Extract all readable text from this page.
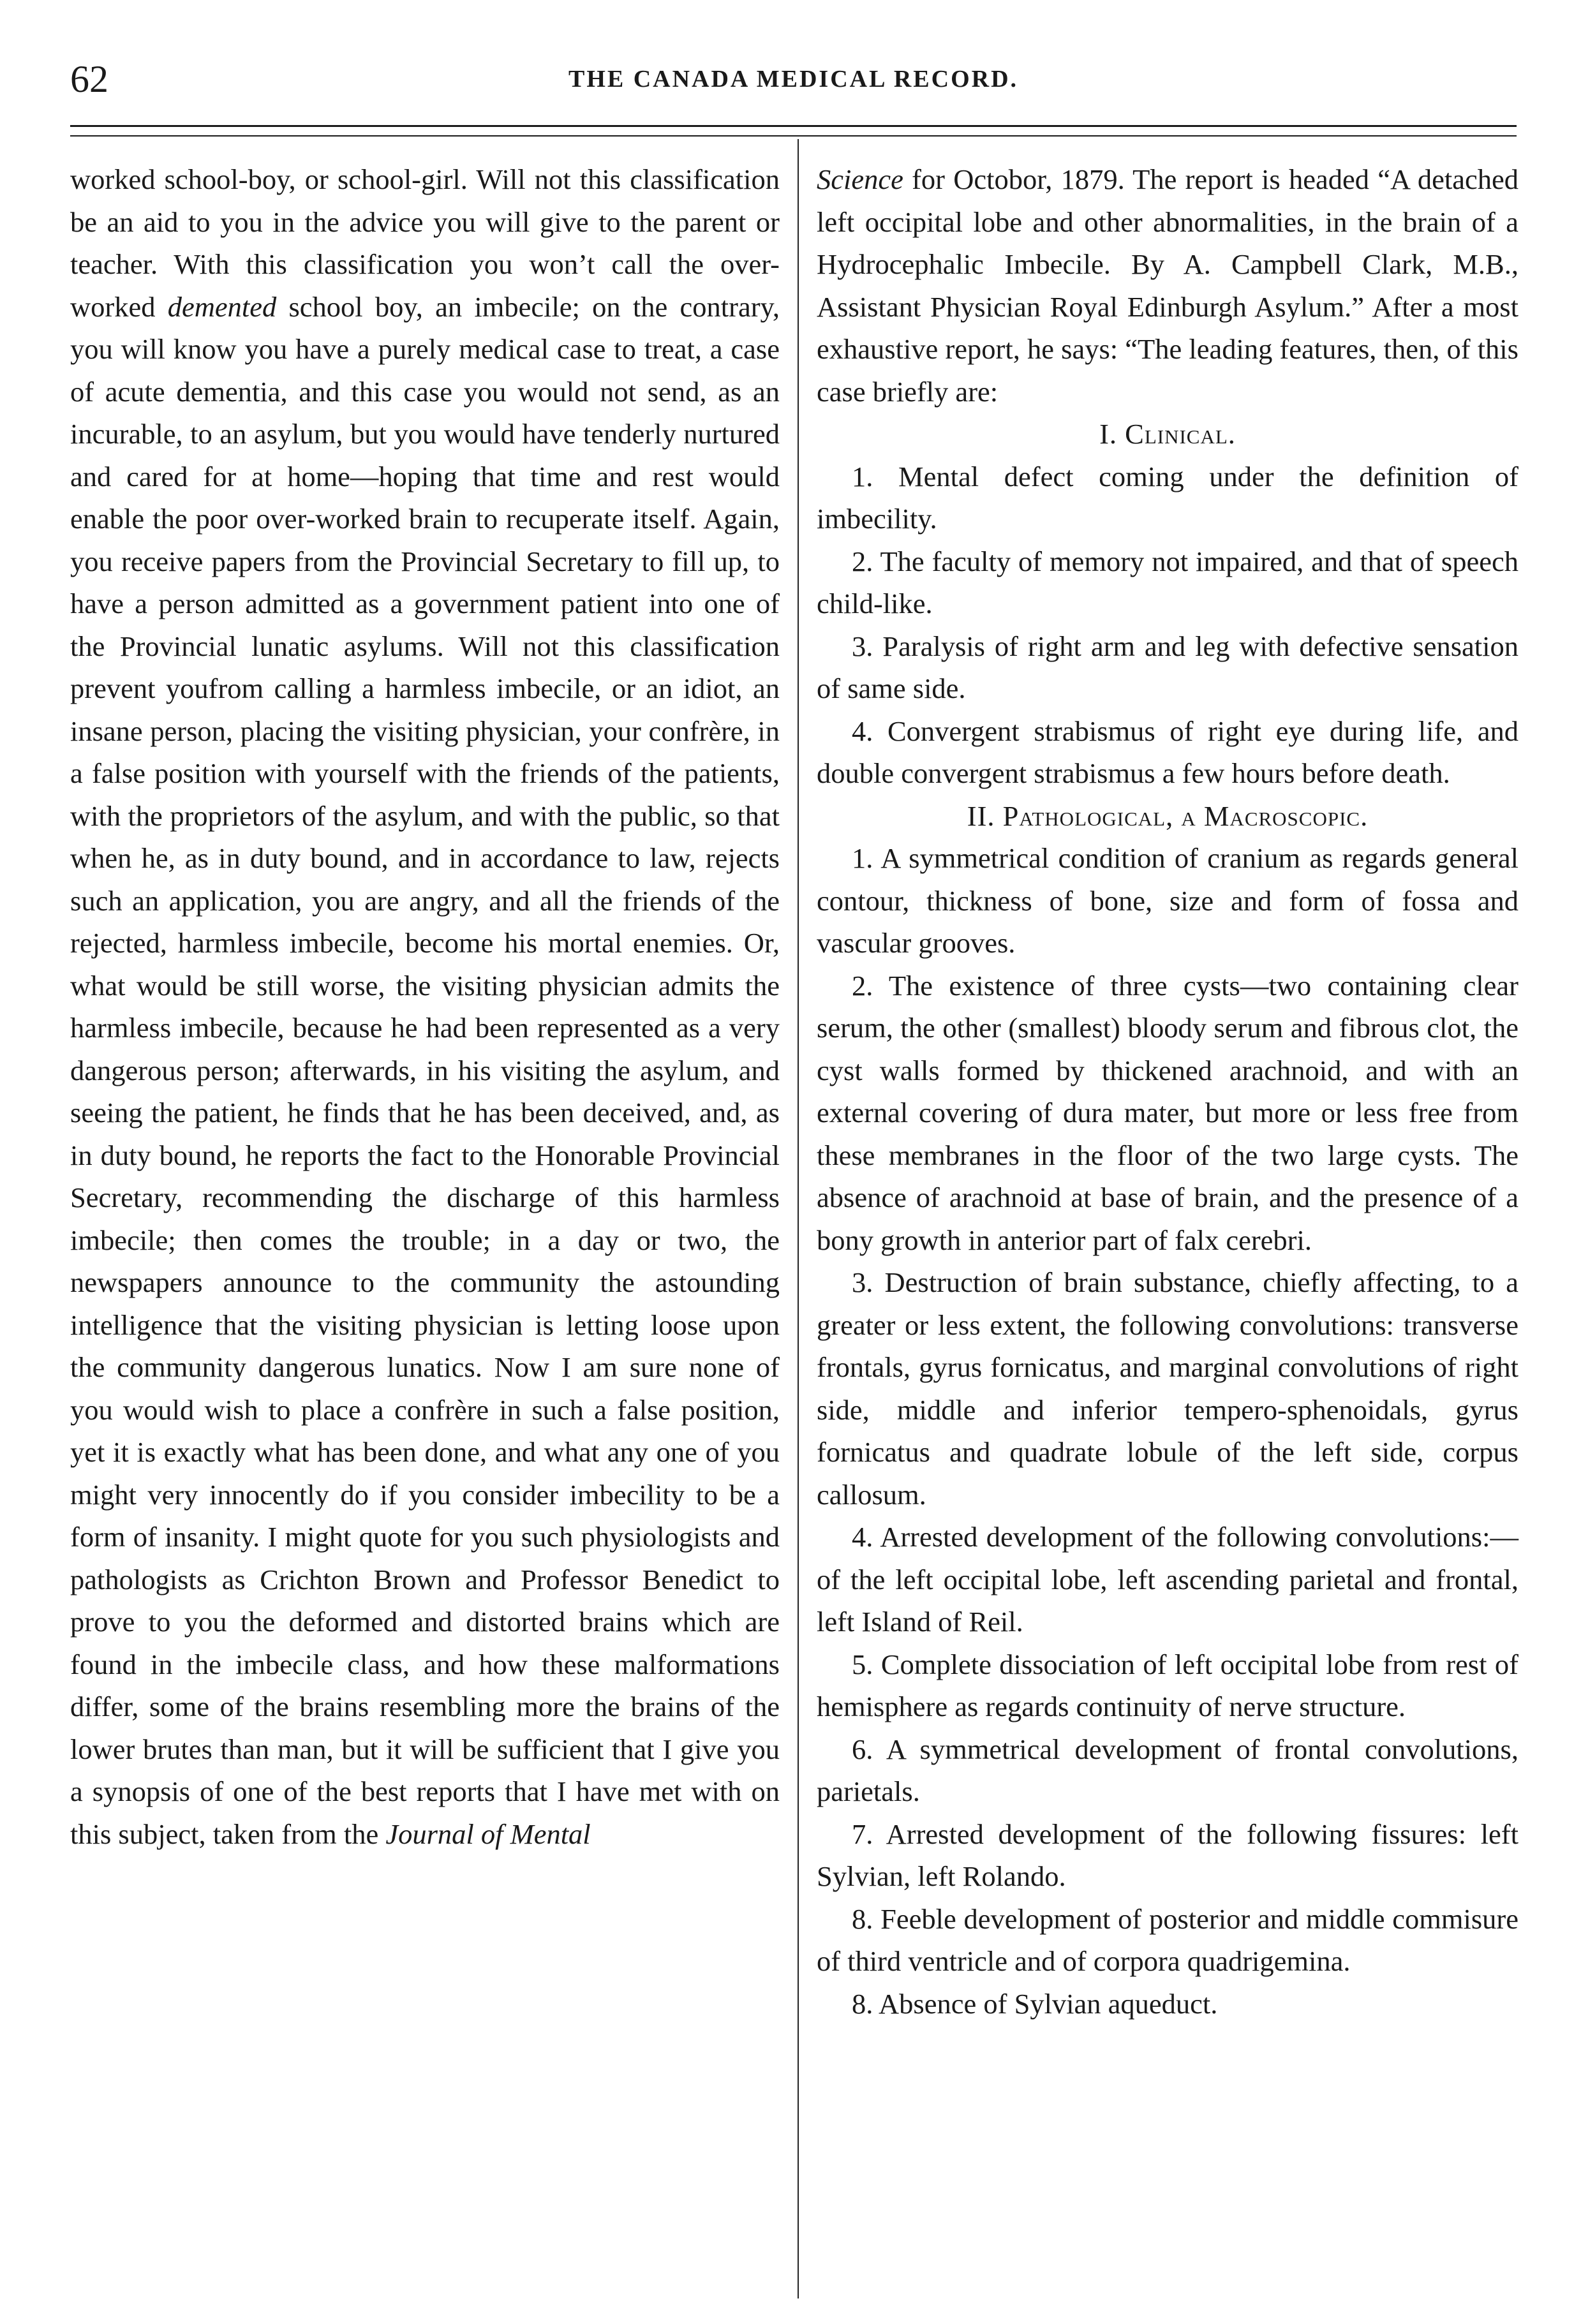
62	THE CANADA MEDICAL RECORD.

worked school-boy, or school-girl. Will not this classification be an aid to you in the advice you will give to the parent or teacher. With this classification you won’t call the over-worked demented school boy, an imbecile; on the contrary, you will know you have a purely medical case to treat, a case of acute dementia, and this case you would not send, as an incurable, to an asylum, but you would have tenderly nurtured and cared for at home—hoping that time and rest would enable the poor over-worked brain to recuperate itself. Again, you receive papers from the Provincial Secretary to fill up, to have a person admitted as a government patient into one of the Provincial lunatic asylums. Will not this classification prevent youfrom calling a harmless imbecile, or an idiot, an insane person, placing the visiting physician, your confrère, in a false position with yourself with the friends of the patients, with the proprietors of the asylum, and with the public, so that when he, as in duty bound, and in accordance to law, rejects such an application, you are angry, and all the friends of the rejected, harmless imbecile, become his mortal enemies. Or, what would be still worse, the visiting physician admits the harmless imbecile, because he had been represented as a very dangerous person; afterwards, in his visiting the asylum, and seeing the patient, he finds that he has been deceived, and, as in duty bound, he reports the fact to the Honorable Provincial Secretary, recommending the discharge of this harmless imbecile; then comes the trouble; in a day or two, the newspapers announce to the community the astounding intelligence that the visiting physician is letting loose upon the community dangerous lunatics. Now I am sure none of you would wish to place a confrère in such a false position, yet it is exactly what has been done, and what any one of you might very innocently do if you consider imbecility to be a form of insanity. I might quote for you such physiologists and pathologists as Crichton Brown and Professor Benedict to prove to you the deformed and distorted brains which are found in the imbecile class, and how these malformations differ, some of the brains resembling more the brains of the lower brutes than man, but it will be sufficient that I give you a synopsis of one of the best reports that I have met with on this subject, taken from the Journal of Mental

Science for Octobor, 1879. The report is headed “A detached left occipital lobe and other abnormalities, in the brain of a Hydrocephalic Imbecile. By A. Campbell Clark, M.B., Assistant Physician Royal Edinburgh Asylum.” After a most exhaustive report, he says: “The leading features, then, of this case briefly are:

I. Clinical.

1. Mental defect coming under the definition of imbecility.

2. The faculty of memory not impaired, and that of speech child-like.

3. Paralysis of right arm and leg with defective sensation of same side.

4. Convergent strabismus of right eye during life, and double convergent strabismus a few hours before death.

II. Pathological, a Macroscopic.

1. A symmetrical condition of cranium as regards general contour, thickness of bone, size and form of fossa and vascular grooves.

2. The existence of three cysts—two containing clear serum, the other (smallest) bloody serum and fibrous clot, the cyst walls formed by thickened arachnoid, and with an external covering of dura mater, but more or less free from these membranes in the floor of the two large cysts. The absence of arachnoid at base of brain, and the presence of a bony growth in anterior part of falx cerebri.

3. Destruction of brain substance, chiefly affecting, to a greater or less extent, the following convolutions: transverse frontals, gyrus fornicatus, and marginal convolutions of right side, middle and inferior tempero-sphenoidals, gyrus fornicatus and quadrate lobule of the left side, corpus callosum.

4. Arrested development of the following convolutions:—of the left occipital lobe, left ascending parietal and frontal, left Island of Reil.

5. Complete dissociation of left occipital lobe from rest of hemisphere as regards continuity of nerve structure.

6. A symmetrical development of frontal convolutions, parietals.

7. Arrested development of the following fissures: left Sylvian, left Rolando.

8. Feeble development of posterior and middle commisure of third ventricle and of corpora quadrigemina.

8. Absence of Sylvian aqueduct.
